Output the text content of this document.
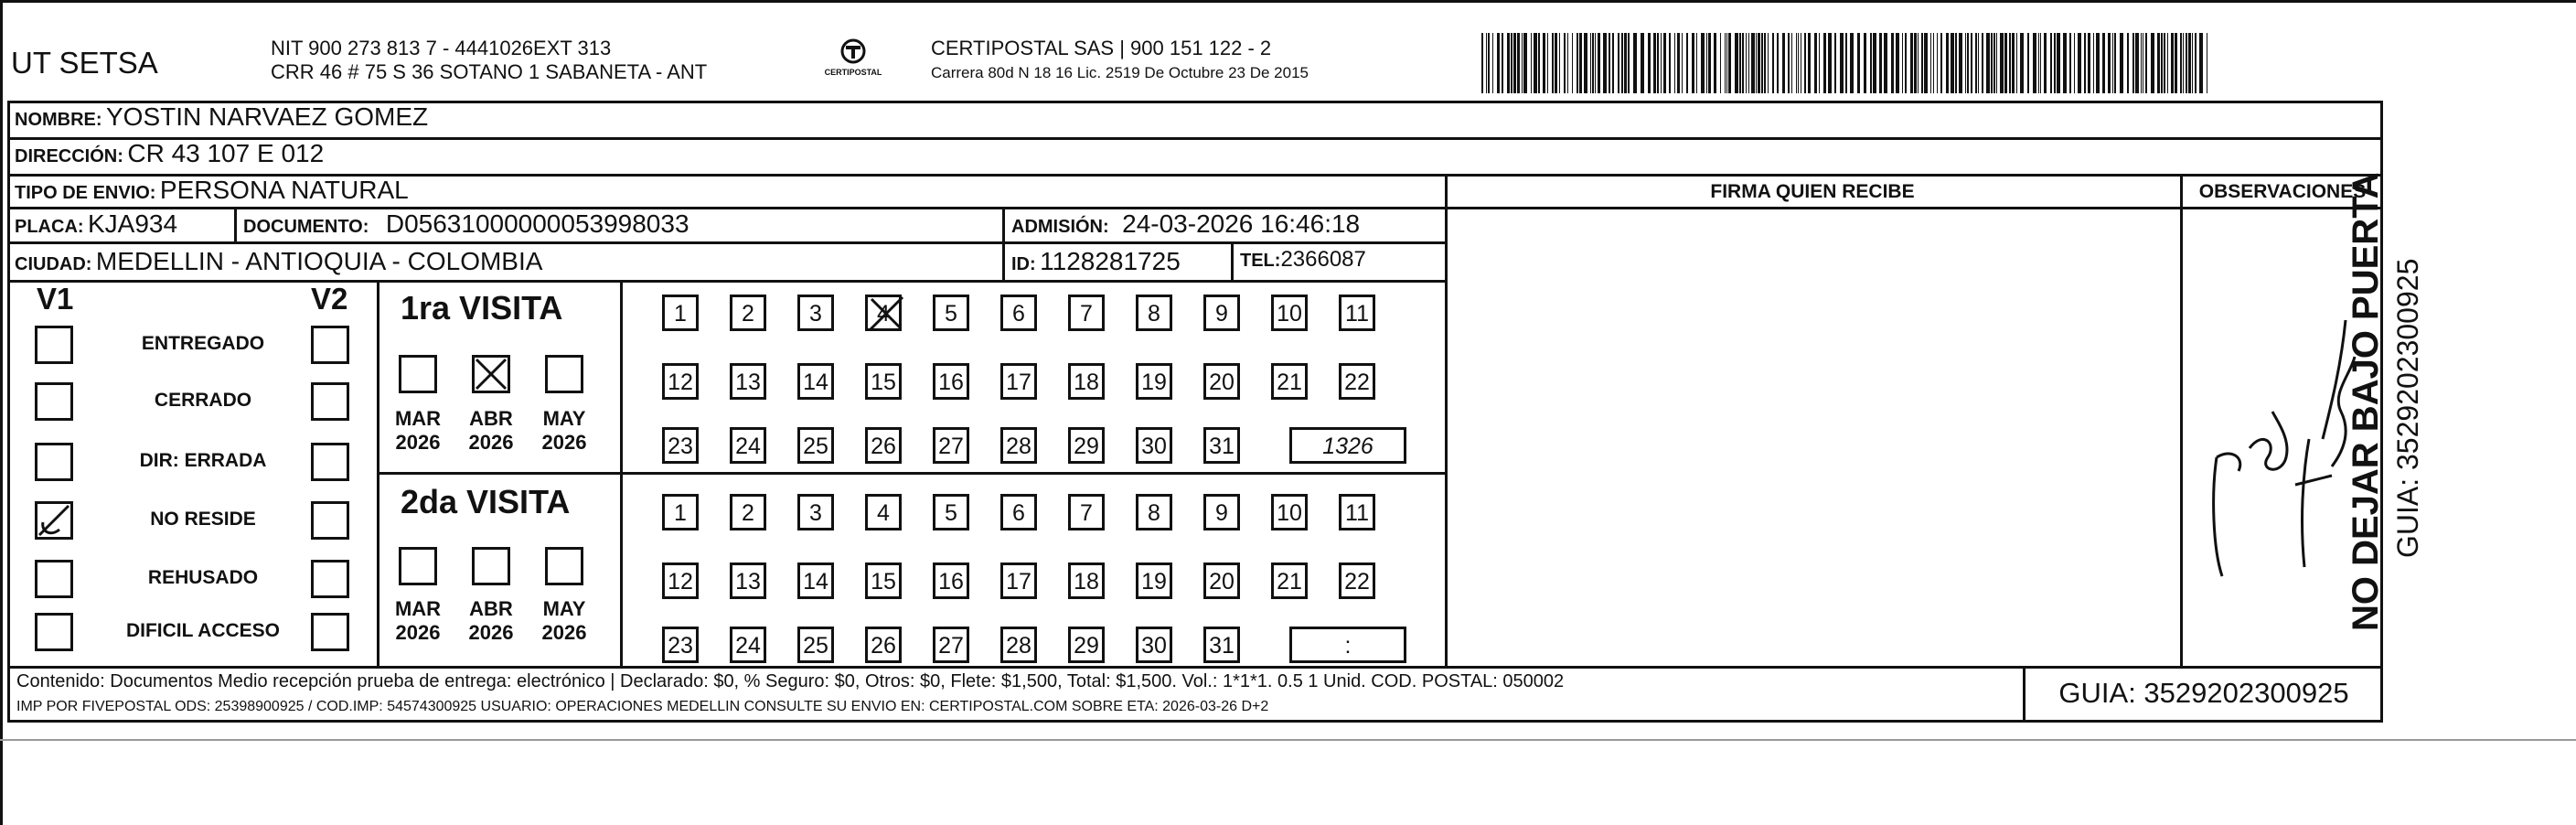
UT SETSA	NIT 900 273 813 7 - 4441026EXT 313
CRR 46 # 75 S 36 SOTANO 1 SABANETA - ANT	CERTIPOSTAL
CERTIPOSTAL SAS | 900 151 122 - 2
Carrera 80d N 18 16 Lic. 2519 De Octubre 23 De 2015
NOMBRE: YOSTIN NARVAEZ GOMEZ
DIRECCIÓN: CR 43 107 E 012
TIPO DE ENVIO: PERSONA NATURAL	FIRMA QUIEN RECIBE	OBSERVACIONES
PLACA: KJA934	DOCUMENTO: D05631000000053998033	ADMISIÓN: 24-03-2026 16:46:18
CIUDAD: MEDELLIN - ANTIOQUIA - COLOMBIA	ID: 1128281725	TEL:2366087
V1	V2
ENTREGADO
CERRADO
DIR: ERRADA
NO RESIDE
REHUSADO
DIFICIL ACCESO
1ra VISITA
MAR ABR MAY
2026 2026 2026
2da VISITA
MAR ABR MAY
2026 2026 2026
1	2	3	4	5	6	7	8	9	10 11
12 13 14 15 16 17 18 19 20 21 22
23 24 25 26 27 28 29 30 31	1326
1	2	3	4	5	6	7	8	9	10 11
12 13 14 15 16 17 18 19 20 21 22
23 24 25 26 27 28 29 30 31	:
Contenido: Documentos Medio recepción prueba de entrega: electrónico | Declarado: $0, % Seguro: $0, Otros: $0, Flete: $1,500, Total: $1,500. Vol.: 1*1*1. 0.5 1 Unid. COD. POSTAL: 050002
IMP POR FIVEPOSTAL ODS: 25398900925 / COD.IMP: 54574300925 USUARIO: OPERACIONES MEDELLIN CONSULTE SU ENVIO EN: CERTIPOSTAL.COM SOBRE ETA: 2026-03-26 D+2	GUIA: 3529202300925
NO DEJAR BAJO PUERTA GUIA: 3529202300925
